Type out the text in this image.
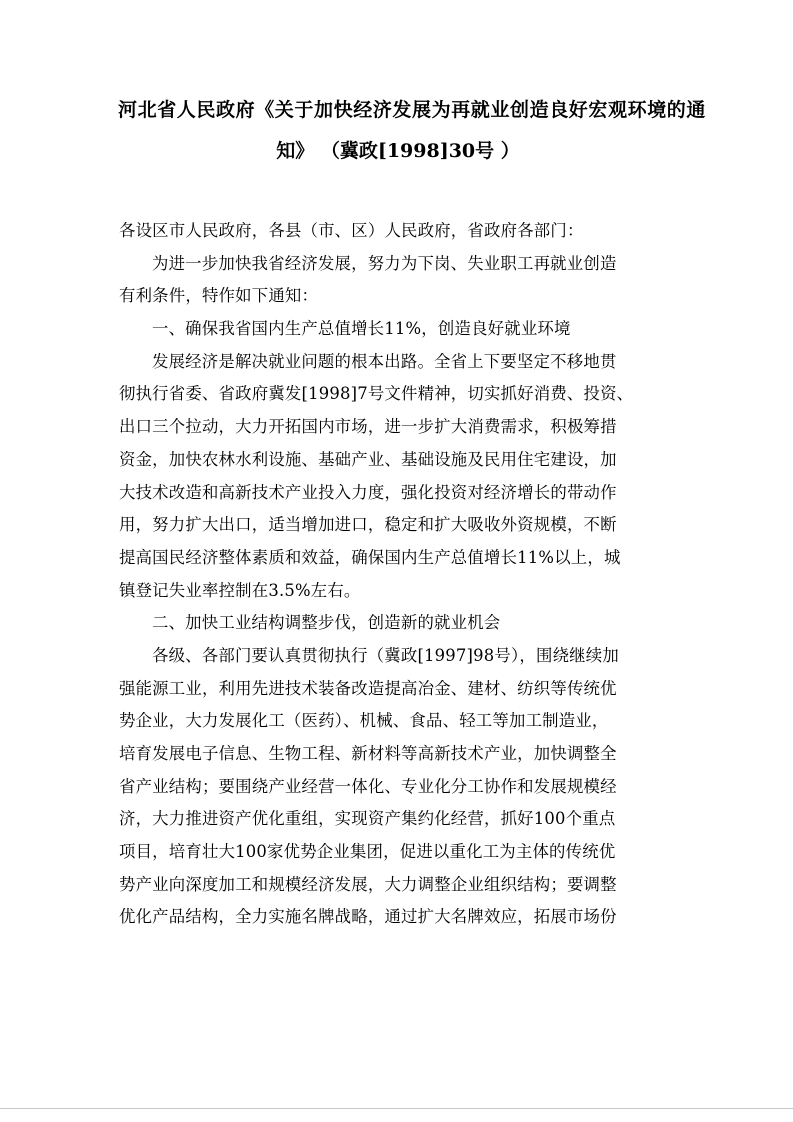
河北省人民政府《关于加快经济发展为再就业创造良好宏观环境的通
知》 （冀政[1998]30号 ）
各设区市人民政府，各县（市、区）人民政府，省政府各部门：
为进一步加快我省经济发展，努力为下岗、失业职工再就业创造
有利条件，特作如下通知：
一、确保我省国内生产总值增长11%，创造良好就业环境
发展经济是解决就业问题的根本出路。全省上下要坚定不移地贯
彻执行省委、省政府冀发[1998]7号文件精神，切实抓好消费、投资、
出口三个拉动，大力开拓国内市场，进一步扩大消费需求，积极筹措
资金，加快农林水利设施、基础产业、基础设施及民用住宅建设，加
大技术改造和高新技术产业投入力度，强化投资对经济增长的带动作
用，努力扩大出口，适当增加进口，稳定和扩大吸收外资规模，不断
提高国民经济整体素质和效益，确保国内生产总值增长11%以上，城
镇登记失业率控制在3.5%左右。
二、加快工业结构调整步伐，创造新的就业机会
各级、各部门要认真贯彻执行（冀政[1997]98号），围绕继续加
强能源工业，利用先进技术装备改造提高冶金、建材、纺织等传统优
势企业，大力发展化工（医药）、机械、食品、轻工等加工制造业，
培育发展电子信息、生物工程、新材料等高新技术产业，加快调整全
省产业结构；要围绕产业经营一体化、专业化分工协作和发展规模经
济，大力推进资产优化重组，实现资产集约化经营，抓好100个重点
项目，培育壮大100家优势企业集团，促进以重化工为主体的传统优
势产业向深度加工和规模经济发展，大力调整企业组织结构；要调整
优化产品结构，全力实施名牌战略，通过扩大名牌效应，拓展市场份
